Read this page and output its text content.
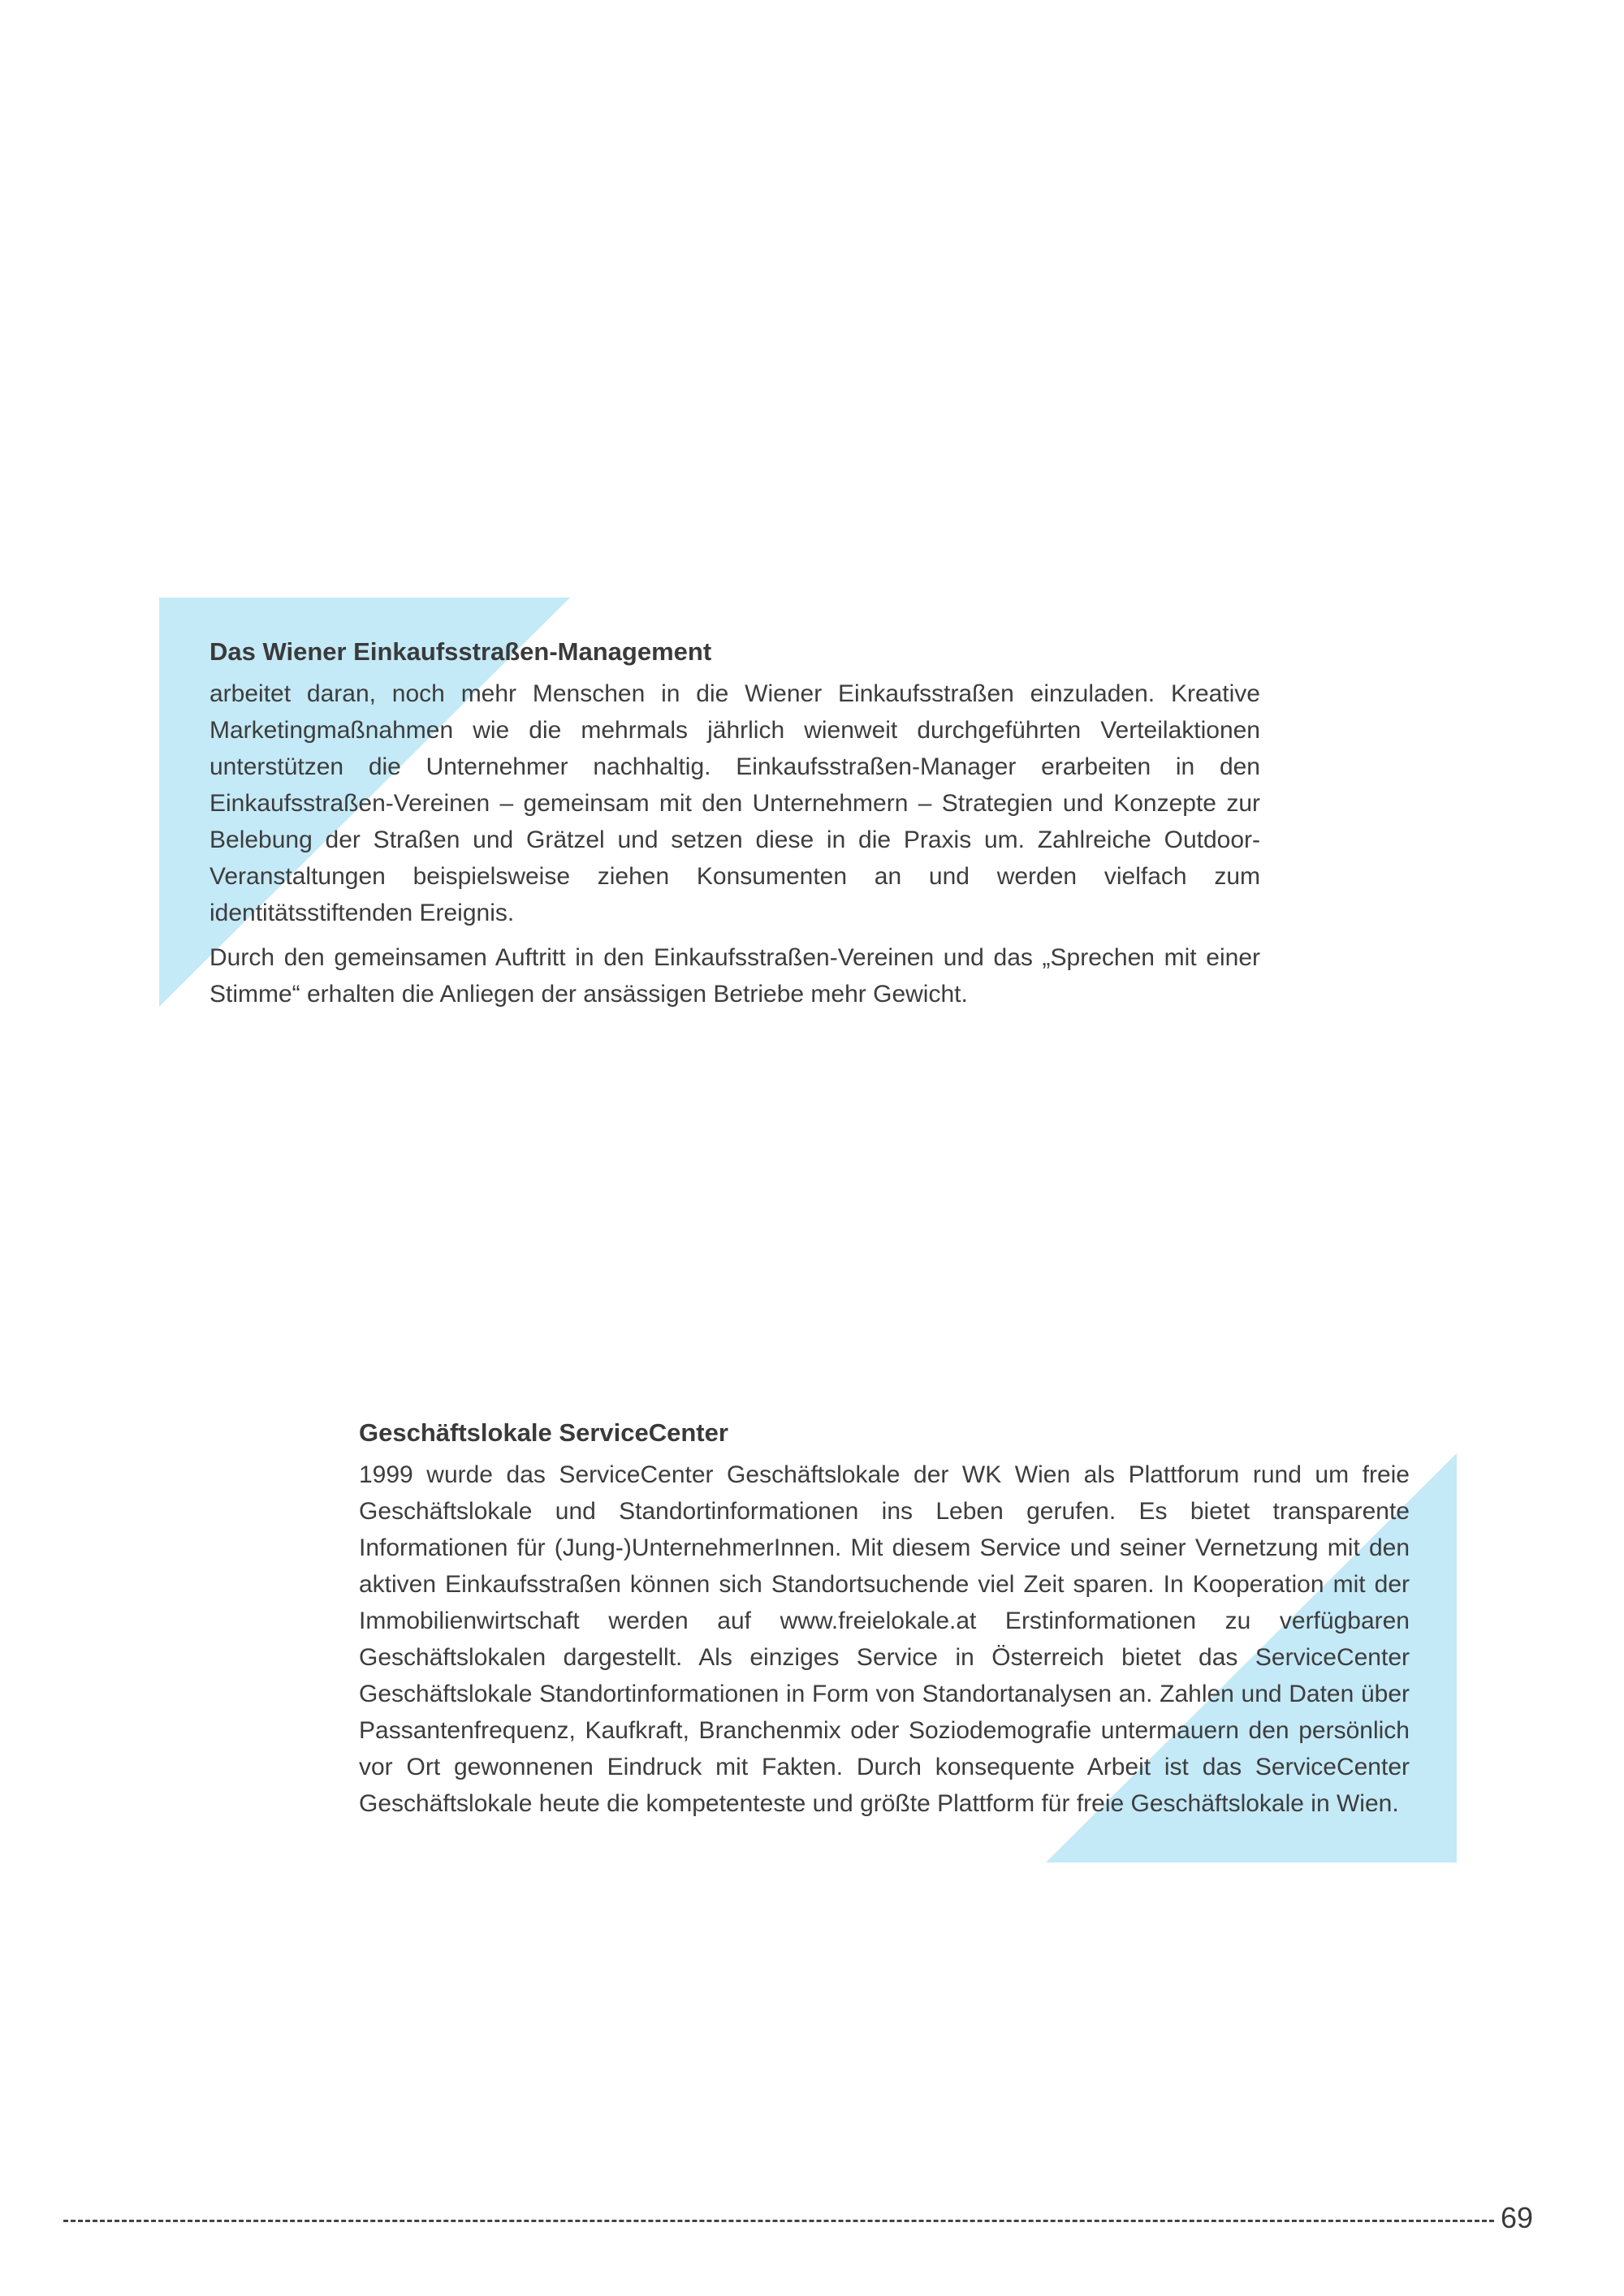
Das Wiener Einkaufsstraßen-Management

arbeitet daran, noch mehr Menschen in die Wiener Einkaufsstraßen einzuladen. Kreative Marketingmaßnahmen wie die mehrmals jährlich wienweit durchgeführten Verteilaktionen unterstützen die Unternehmer nachhaltig. Einkaufsstraßen-Manager erarbeiten in den Einkaufsstraßen-Vereinen – gemeinsam mit den Unternehmern – Strategien und Konzepte zur Belebung der Straßen und Grätzel und setzen diese in die Praxis um. Zahlreiche Outdoor-Veranstaltungen beispielsweise ziehen Konsumenten an und werden vielfach zum identitätsstiftenden Ereignis.

Durch den gemeinsamen Auftritt in den Einkaufsstraßen-Vereinen und das „Sprechen mit einer Stimme“ erhalten die Anliegen der ansässigen Betriebe mehr Gewicht.

Geschäftslokale ServiceCenter

1999 wurde das ServiceCenter Geschäftslokale der WK Wien als Plattforum rund um freie Geschäftslokale und Standortinformationen ins Leben gerufen. Es bietet transparente Informationen für (Jung-)UnternehmerInnen. Mit diesem Service und seiner Vernetzung mit den aktiven Einkaufsstraßen können sich Standortsuchende viel Zeit sparen. In Kooperation mit der Immobilienwirtschaft werden auf www.freielokale.at Erstinformationen zu verfügbaren Geschäftslokalen dargestellt. Als einziges Service in Österreich bietet das ServiceCenter Geschäftslokale Standortinformationen in Form von Standortanalysen an. Zahlen und Daten über Passantenfrequenz, Kaufkraft, Branchenmix oder Soziodemografie untermauern den persönlich vor Ort gewonnenen Eindruck mit Fakten. Durch konsequente Arbeit ist das ServiceCenter Geschäftslokale heute die kompetenteste und größte Plattform für freie Geschäftslokale in Wien.

69
